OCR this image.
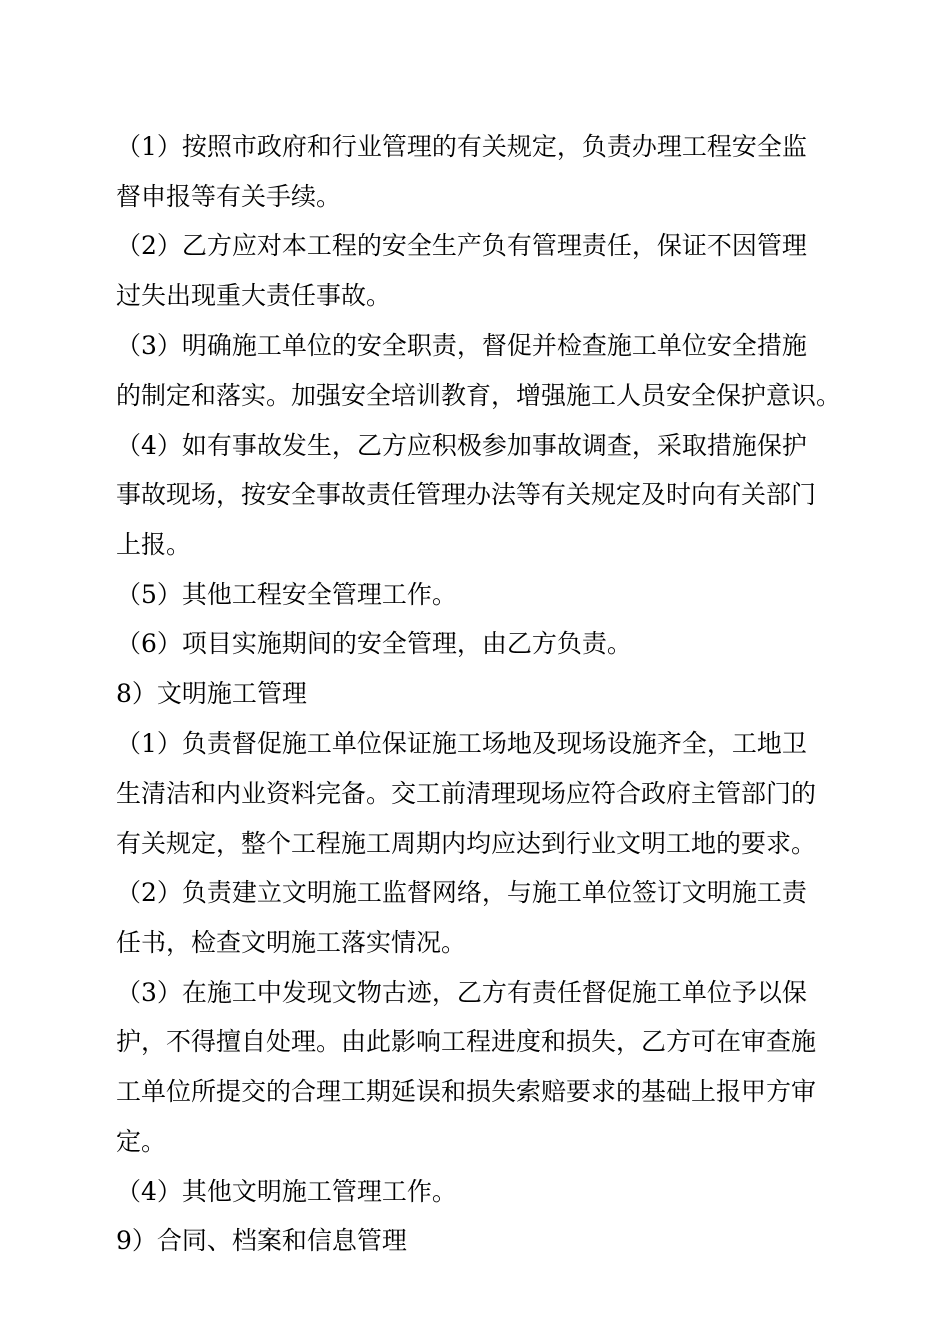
（1）按照市政府和行业管理的有关规定，负责办理工程安全监
督申报等有关手续。
（2）乙方应对本工程的安全生产负有管理责任，保证不因管理
过失出现重大责任事故。
（3）明确施工单位的安全职责，督促并检查施工单位安全措施
的制定和落实。加强安全培训教育，增强施工人员安全保护意识。
（4）如有事故发生，乙方应积极参加事故调查，采取措施保护
事故现场，按安全事故责任管理办法等有关规定及时向有关部门
上报。
（5）其他工程安全管理工作。
（6）项目实施期间的安全管理，由乙方负责。
8）文明施工管理
（1）负责督促施工单位保证施工场地及现场设施齐全，工地卫
生清洁和内业资料完备。交工前清理现场应符合政府主管部门的
有关规定，整个工程施工周期内均应达到行业文明工地的要求。
（2）负责建立文明施工监督网络，与施工单位签订文明施工责
任书，检查文明施工落实情况。
（3）在施工中发现文物古迹，乙方有责任督促施工单位予以保
护，不得擅自处理。由此影响工程进度和损失，乙方可在审查施
工单位所提交的合理工期延误和损失索赔要求的基础上报甲方审
定。
（4）其他文明施工管理工作。
9）合同、档案和信息管理
